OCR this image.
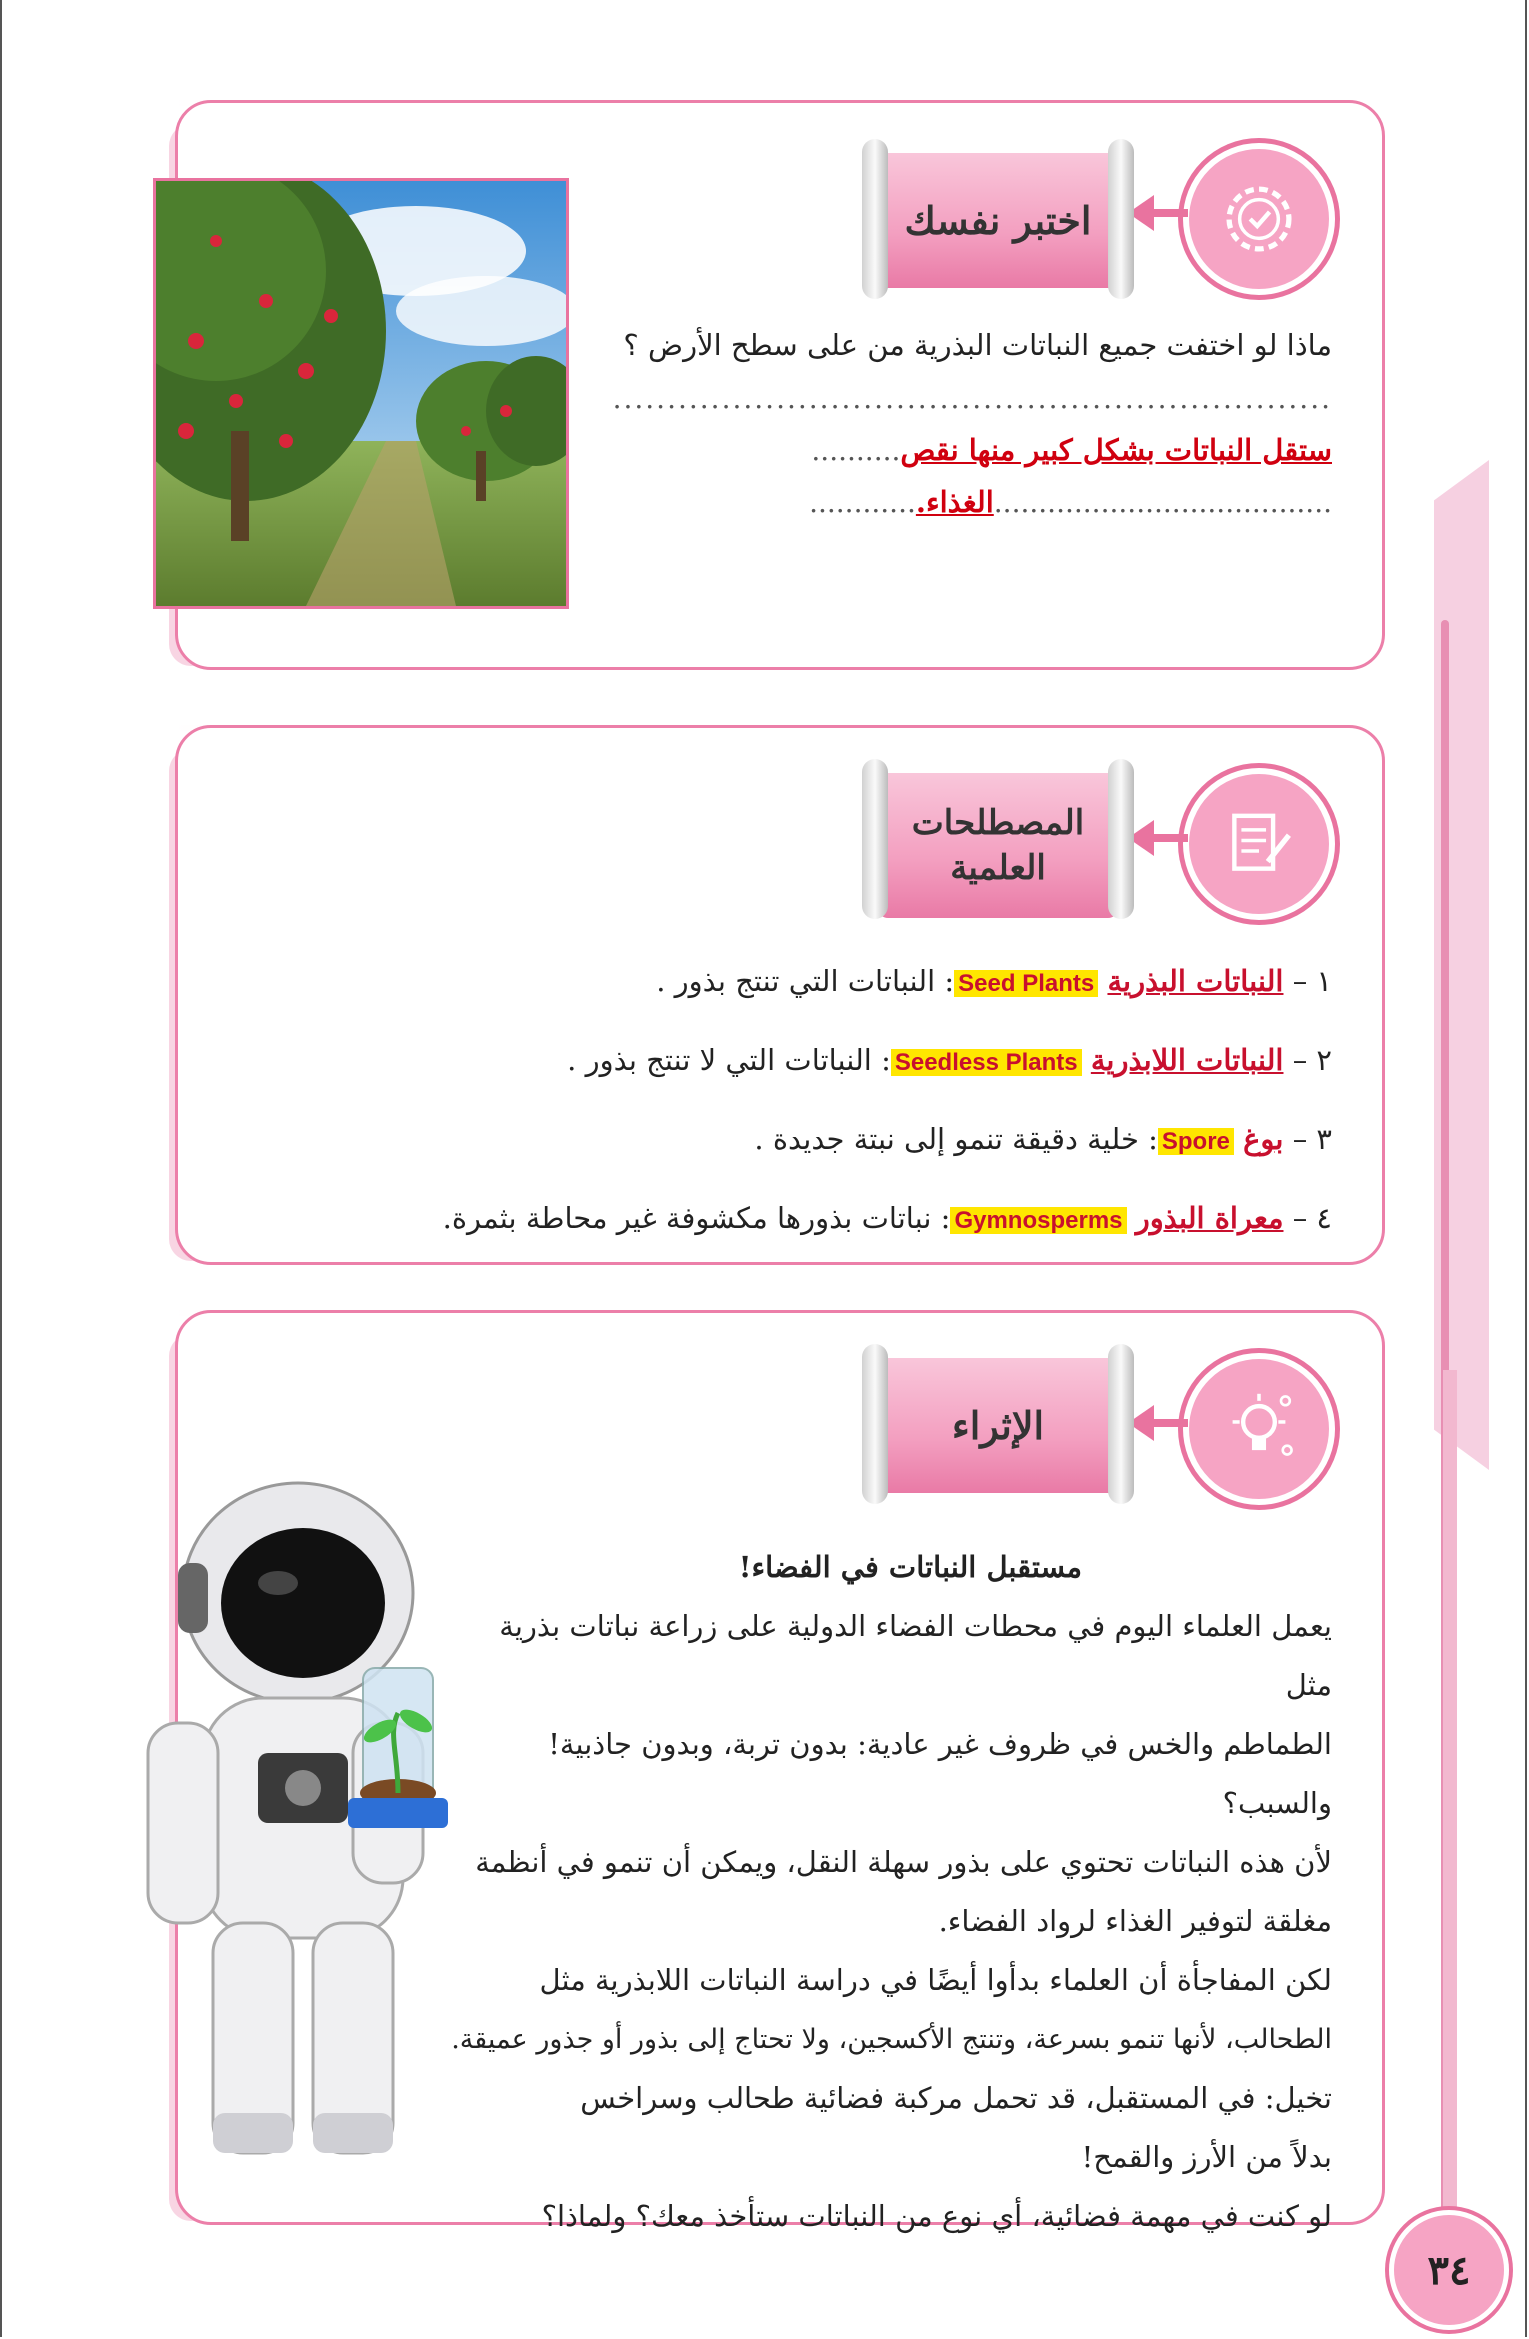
اختبر نفسك
ماذا لو اختفت جميع النباتات البذرية من على سطح الأرض ؟
..................................................................
ستقل النباتات بشكل كبير منها نقص..........
......................................الغذاء.............
المصطلحات
العلمية
١ – النباتات البذرية Seed Plants: النباتات التي تنتج بذور .
٢ – النباتات اللابذرية Seedless Plants: النباتات التي لا تنتج بذور .
٣ – بوغ Spore: خلية دقيقة تنمو إلى نبتة جديدة .
٤ – معراة البذور Gymnosperms: نباتات بذورها مكشوفة غير محاطة بثمرة.
الإثراء
مستقبل النباتات في الفضاء!
يعمل العلماء اليوم في محطات الفضاء الدولية على زراعة نباتات بذرية مثل
الطماطم والخس في ظروف غير عادية: بدون تربة، وبدون جاذبية! والسبب؟
لأن هذه النباتات تحتوي على بذور سهلة النقل، ويمكن أن تنمو في أنظمة
مغلقة لتوفير الغذاء لرواد الفضاء.
لكن المفاجأة أن العلماء بدأوا أيضًا في دراسة النباتات اللابذرية مثل
الطحالب، لأنها تنمو بسرعة، وتنتج الأكسجين، ولا تحتاج إلى بذور أو جذور عميقة.
تخيل: في المستقبل، قد تحمل مركبة فضائية طحالب وسراخس
بدلاً من الأرز والقمح!
لو كنت في مهمة فضائية، أي نوع من النباتات ستأخذ معك؟ ولماذا؟
٣٤
